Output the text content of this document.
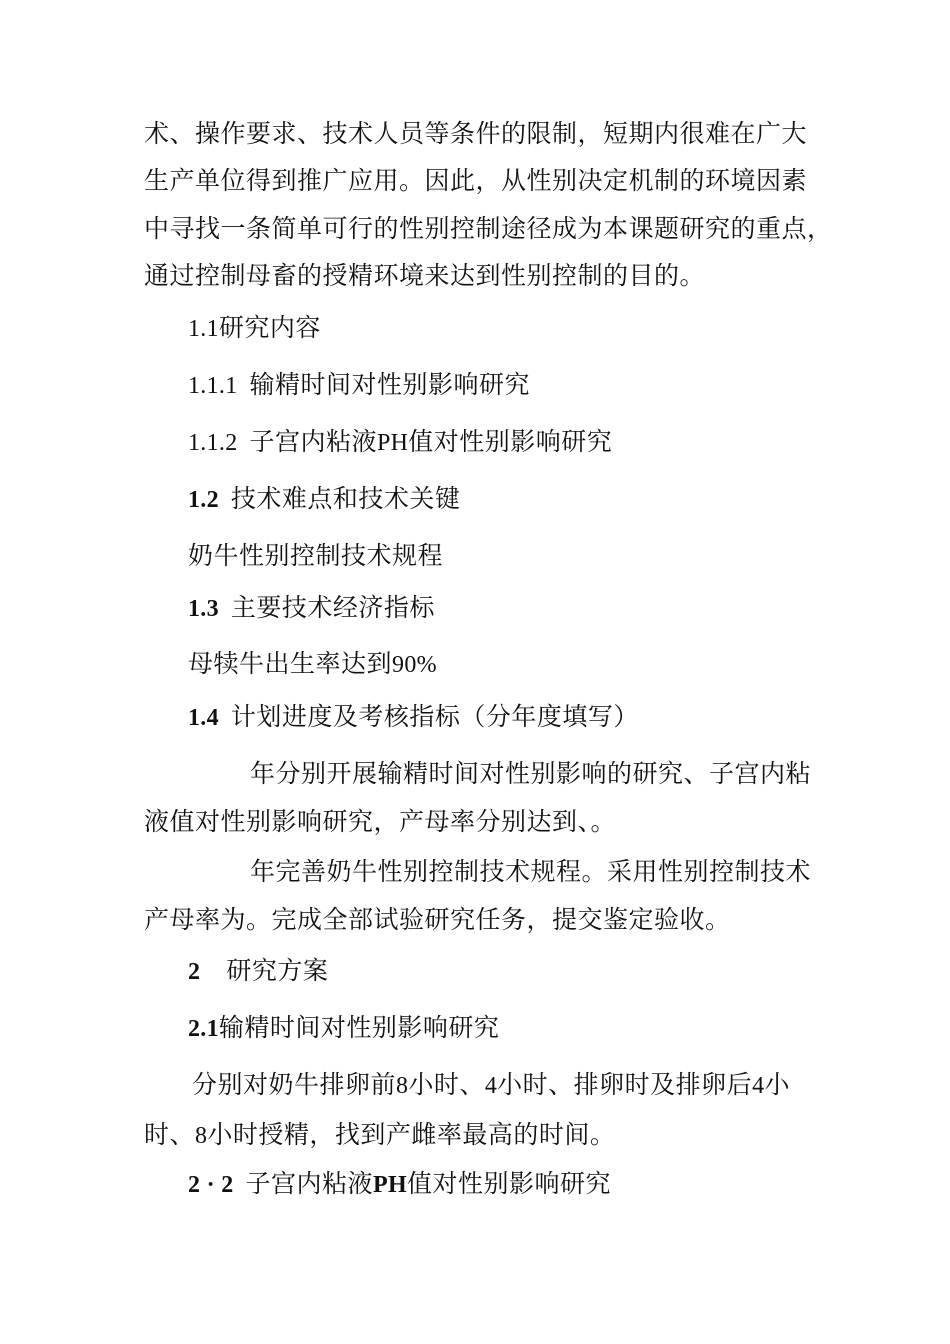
术、操作要求、技术人员等条件的限制，短期内很难在广大
生产单位得到推广应用。因此，从性别决定机制的环境因素
中寻找一条简单可行的性别控制途径成为本课题研究的重点，
通过控制母畜的授精环境来达到性别控制的目的。
1.1研究内容
1.1.1 输精时间对性别影响研究
1.1.2 子宫内粘液PH值对性别影响研究
1.2 技术难点和技术关键
奶牛性别控制技术规程
1.3 主要技术经济指标
母犊牛出生率达到90%
1.4 计划进度及考核指标（分年度填写）
年分别开展输精时间对性别影响的研究、子宫内粘
液值对性别影响研究，产母率分别达到、。
年完善奶牛性别控制技术规程。采用性别控制技术
产母率为。完成全部试验研究任务，提交鉴定验收。
2 研究方案
2.1输精时间对性别影响研究
分别对奶牛排卵前8小时、4小时、排卵时及排卵后4小
时、8小时授精，找到产雌率最高的时间。
2 · 2 子宫内粘液PH值对性别影响研究
